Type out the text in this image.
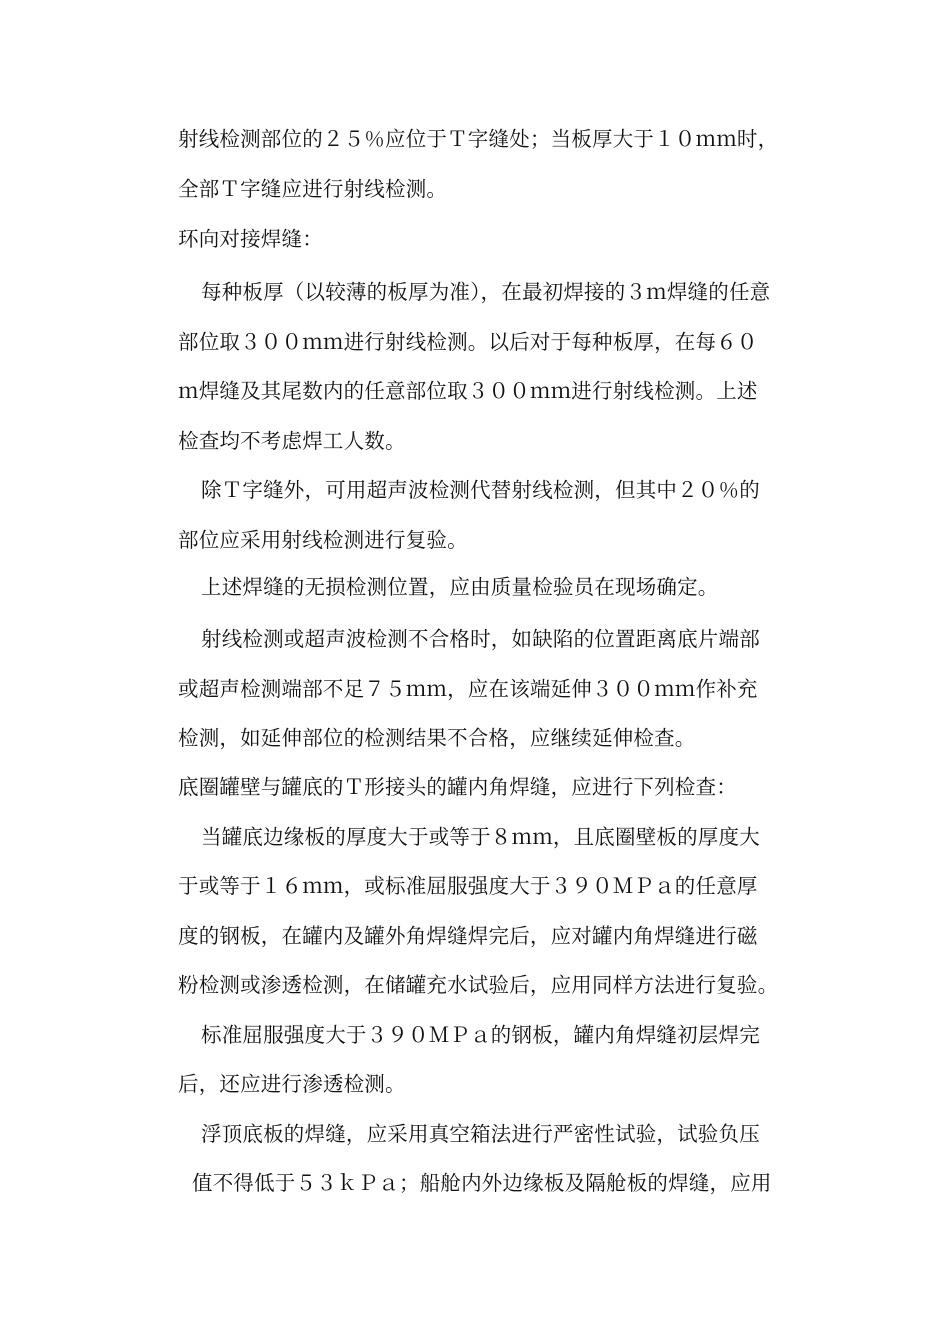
射线检测部位的２５％应位于Ｔ字缝处；当板厚大于１０ｍｍ时，
全部Ｔ字缝应进行射线检测。
环向对接焊缝：
每种板厚（以较薄的板厚为准），在最初焊接的３ｍ焊缝的任意
部位取３００ｍｍ进行射线检测。以后对于每种板厚，在每６０
ｍ焊缝及其尾数内的任意部位取３００ｍｍ进行射线检测。上述
检查均不考虑焊工人数。
除Ｔ字缝外，可用超声波检测代替射线检测，但其中２０％的
部位应采用射线检测进行复验。
上述焊缝的无损检测位置，应由质量检验员在现场确定。
射线检测或超声波检测不合格时，如缺陷的位置距离底片端部
或超声检测端部不足７５ｍｍ，应在该端延伸３００ｍｍ作补充
检测，如延伸部位的检测结果不合格，应继续延伸检查。
底圈罐壁与罐底的Ｔ形接头的罐内角焊缝，应进行下列检查：
当罐底边缘板的厚度大于或等于８ｍｍ，且底圈壁板的厚度大
于或等于１６ｍｍ，或标准屈服强度大于３９０ＭＰａ的任意厚
度的钢板，在罐内及罐外角焊缝焊完后，应对罐内角焊缝进行磁
粉检测或渗透检测，在储罐充水试验后，应用同样方法进行复验。
标准屈服强度大于３９０ＭＰａ的钢板，罐内角焊缝初层焊完
后，还应进行渗透检测。
浮顶底板的焊缝，应采用真空箱法进行严密性试验，试验负压
值不得低于５３ｋＰａ；船舱内外边缘板及隔舱板的焊缝，应用
